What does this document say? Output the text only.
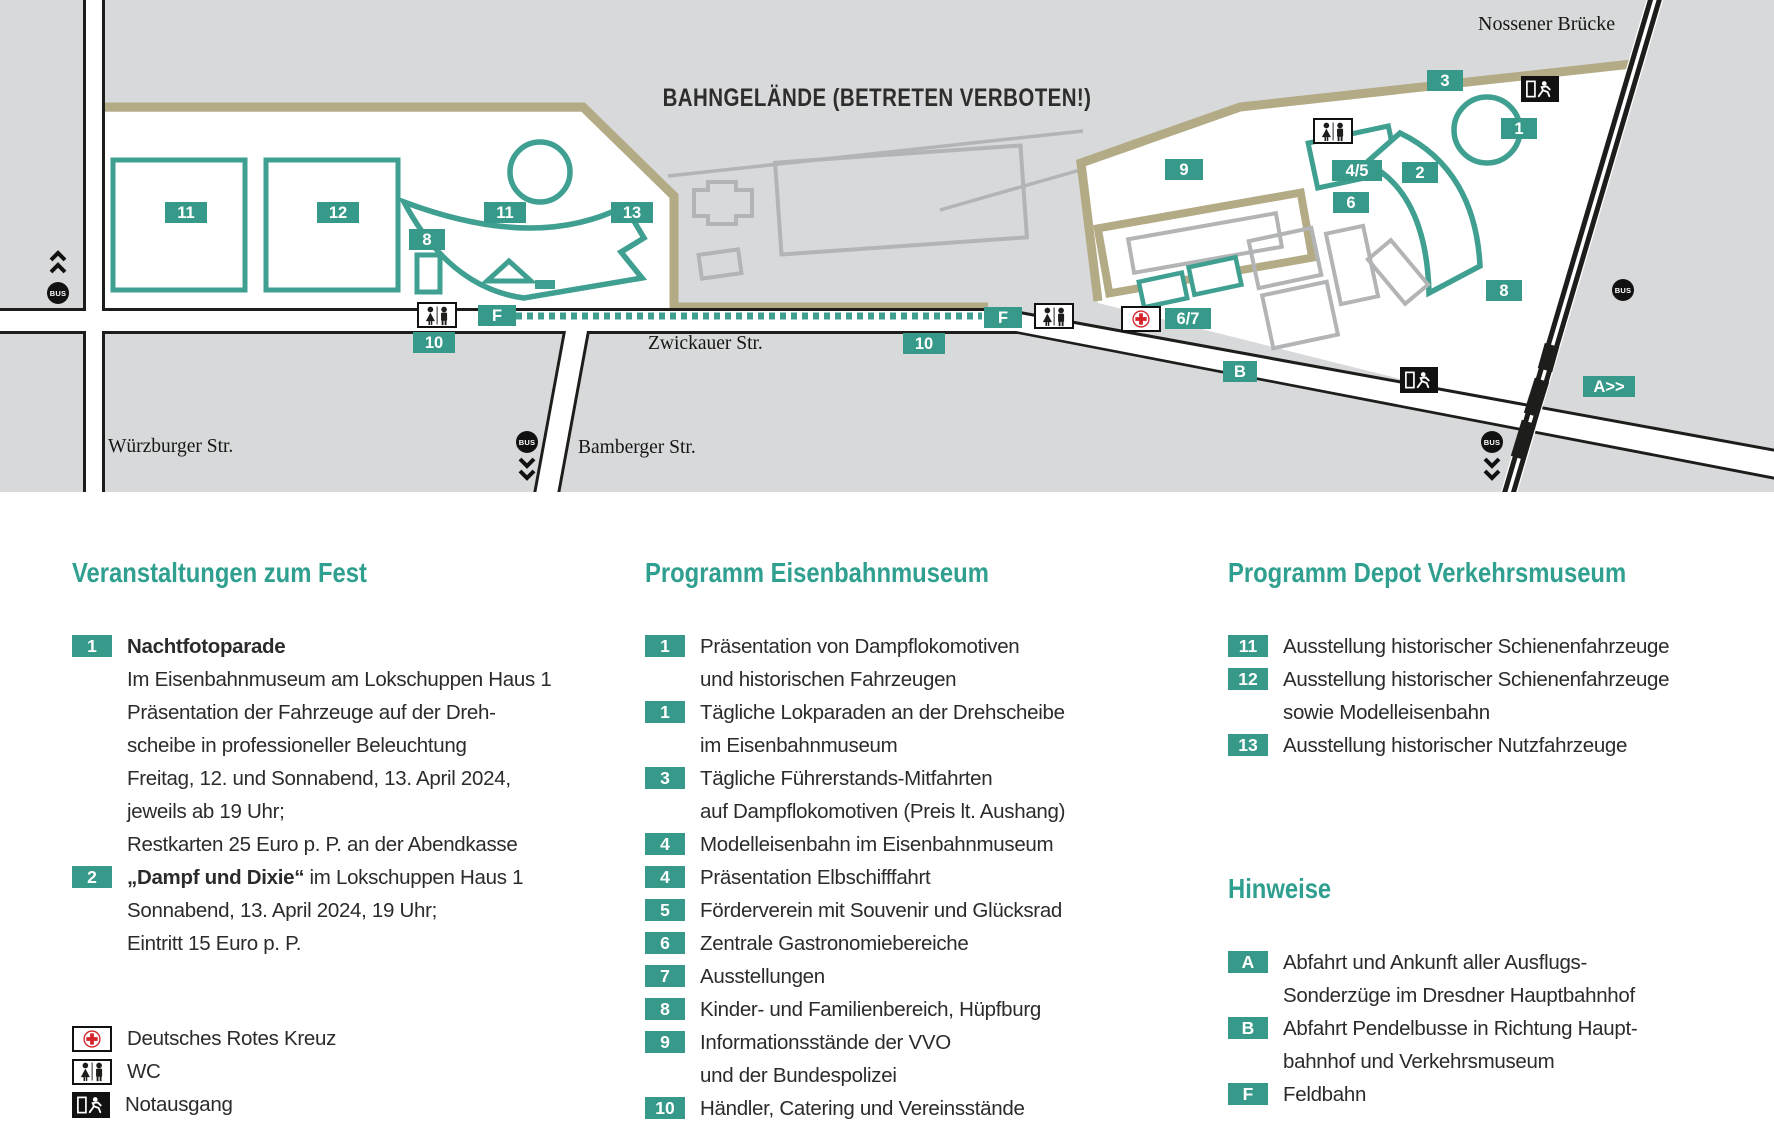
BAHNGELÄNDE (BETRETEN VERBOTEN!)
Nossener Brücke
Zwickauer Str.
Würzburger Str.	Bamberger Str.
11	12
8
11	13
F
10
F
10
6/7
9	4/5	2
3
1
6
8
B
A>>
BUS
BUS	BUS
BUS
Veranstaltungen zum Fest
1	Nachtfotoparade
Im Eisenbahnmuseum am Lokschuppen Haus 1
Präsentation der Fahrzeuge auf der Dreh-
scheibe in professioneller Beleuchtung
Freitag, 12. und Sonnabend, 13. April 2024,
jeweils ab 19 Uhr;
Restkarten 25 Euro p. P. an der Abendkasse
2	„Dampf und Dixie“ im Lokschuppen Haus 1
Sonnabend, 13. April 2024, 19 Uhr;
Eintritt 15 Euro p. P.
Deutsches Rotes Kreuz
WC
Notausgang
Programm Eisenbahnmuseum
1	Präsentation von Dampflokomotiven
und historischen Fahrzeugen
1	Tägliche Lokparaden an der Drehscheibe
im Eisenbahnmuseum
3	Tägliche Führerstands-Mitfahrten
auf Dampflokomotiven (Preis lt. Aushang)
4	Modelleisenbahn im Eisenbahnmuseum
4	Präsentation Elbschifffahrt
5	Förderverein mit Souvenir und Glücksrad
6	Zentrale Gastronomiebereiche
7	Ausstellungen
8	Kinder- und Familienbereich, Hüpfburg
9	Informationsstände der VVO
und der Bundespolizei
10	Händler, Catering und Vereinsstände
Programm Depot Verkehrsmuseum
11	Ausstellung historischer Schienenfahrzeuge
12	Ausstellung historischer Schienenfahrzeuge
sowie Modelleisenbahn
13	Ausstellung historischer Nutzfahrzeuge
Hinweise
A	Abfahrt und Ankunft aller Ausflugs-
Sonderzüge im Dresdner Hauptbahnhof
B	Abfahrt Pendelbusse in Richtung Haupt-
bahnhof und Verkehrsmuseum
F	Feldbahn
